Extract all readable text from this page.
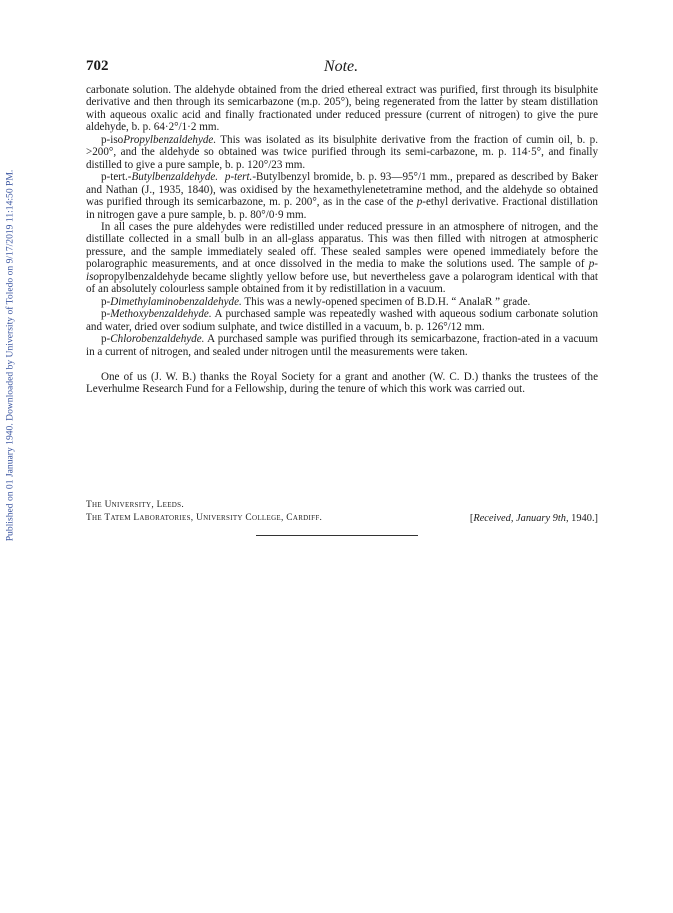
Published on 01 January 1940. Downloaded by University of Toledo on 9/17/2019 11:14:50 PM.
702	Note.

carbonate solution. The aldehyde obtained from the dried ethereal extract was purified, first through its bisulphite derivative and then through its semicarbazone (m.p. 205°), being regenerated from the latter by steam distillation with aqueous oxalic acid and finally fractionated under reduced pressure (current of nitrogen) to give the pure aldehyde, b. p. 64·2°/1·2 mm.

p-isoPropylbenzaldehyde. This was isolated as its bisulphite derivative from the fraction of cumin oil, b. p. >200°, and the aldehyde so obtained was twice purified through its semi-carbazone, m. p. 114·5°, and finally distilled to give a pure sample, b. p. 120°/23 mm.

p-tert.-Butylbenzaldehyde. p-tert.-Butylbenzyl bromide, b. p. 93—95°/1 mm., prepared as described by Baker and Nathan (J., 1935, 1840), was oxidised by the hexamethylenetetramine method, and the aldehyde so obtained was purified through its semicarbazone, m. p. 200°, as in the case of the p-ethyl derivative. Fractional distillation in nitrogen gave a pure sample, b. p. 80°/0·9 mm.

In all cases the pure aldehydes were redistilled under reduced pressure in an atmosphere of nitrogen, and the distillate collected in a small bulb in an all-glass apparatus. This was then filled with nitrogen at atmospheric pressure, and the sample immediately sealed off. These sealed samples were opened immediately before the polarographic measurements, and at once dissolved in the media to make the solutions used. The sample of p-isopropylbenzaldehyde became slightly yellow before use, but nevertheless gave a polarogram identical with that of an absolutely colourless sample obtained from it by redistillation in a vacuum.

p-Dimethylaminobenzaldehyde. This was a newly-opened specimen of B.D.H. “ AnalaR ” grade.

p-Methoxybenzaldehyde. A purchased sample was repeatedly washed with aqueous sodium carbonate solution and water, dried over sodium sulphate, and twice distilled in a vacuum, b. p. 126°/12 mm.

p-Chlorobenzaldehyde. A purchased sample was purified through its semicarbazone, fraction-ated in a vacuum in a current of nitrogen, and sealed under nitrogen until the measurements were taken.

One of us (J. W. B.) thanks the Royal Society for a grant and another (W. C. D.) thanks the trustees of the Leverhulme Research Fund for a Fellowship, during the tenure of which this work was carried out.

The University, Leeds.
The Tatem Laboratories, University College, Cardiff.	[Received, January 9th, 1940.]
